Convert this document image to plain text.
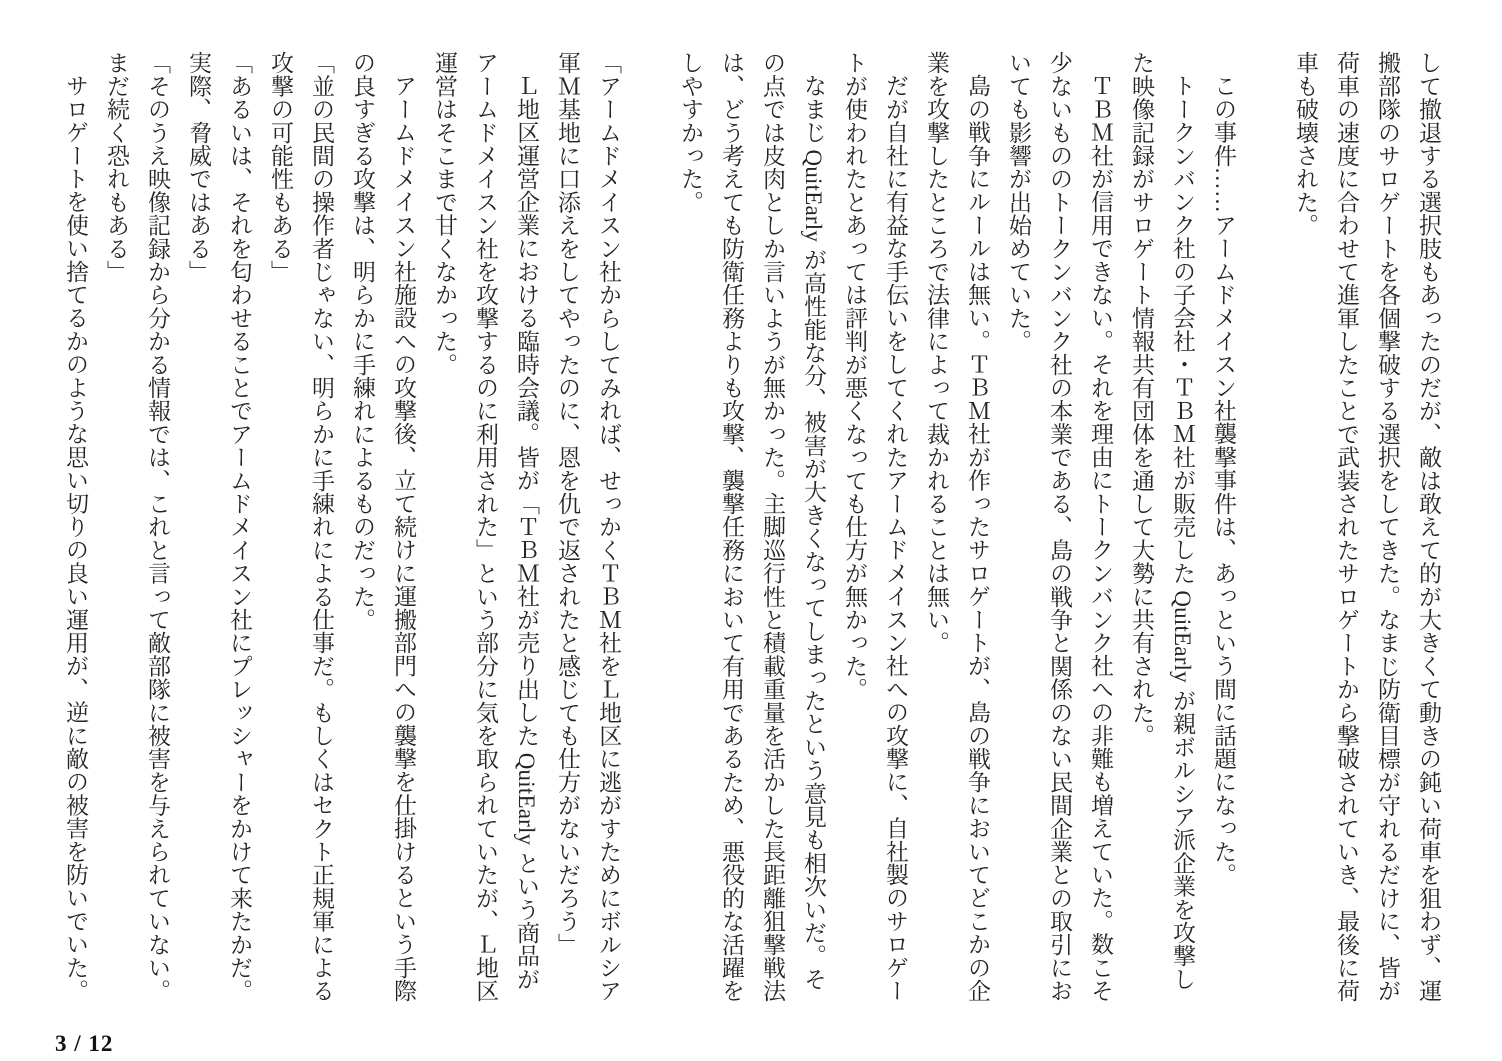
して撤退する選択肢もあったのだが、敵は敢えて的が大きくて動きの鈍い荷車を狙わず、運搬部隊のサロゲートを各個撃破する選択をしてきた。なまじ防衛目標が守れるだけに、皆が荷車の速度に合わせて進軍したことで武装されたサロゲートから撃破されていき、最後に荷車も破壊された。

この事件……アームドメイスン社襲撃事件は、あっという間に話題になった。

トークンバンク社の子会社・ＴＢＭ社が販売した QuitEarly が親ボルシア派企業を攻撃した映像記録がサロゲート情報共有団体を通して大勢に共有された。

ＴＢＭ社が信用できない。それを理由にトークンバンク社への非難も増えていた。数こそ少ないもののトークンバンク社の本業である、島の戦争と関係のない民間企業との取引においても影響が出始めていた。

島の戦争にルールは無い。ＴＢＭ社が作ったサロゲートが、島の戦争においてどこかの企業を攻撃したところで法律によって裁かれることは無い。

だが自社に有益な手伝いをしてくれたアームドメイスン社への攻撃に、自社製のサロゲートが使われたとあっては評判が悪くなっても仕方が無かった。

なまじ QuitEarly が高性能な分、被害が大きくなってしまったという意見も相次いだ。その点では皮肉としか言いようが無かった。主脚巡行性と積載重量を活かした長距離狙撃戦法は、どう考えても防衛任務よりも攻撃、襲撃任務において有用であるため、悪役的な活躍をしやすかった。

「アームドメイスン社からしてみれば、せっかくＴＢＭ社をＬ地区に逃がすためにボルシア軍Ｍ基地に口添えをしてやったのに、恩を仇で返されたと感じても仕方がないだろう」

Ｌ地区運営企業における臨時会議。皆が「ＴＢＭ社が売り出した QuitEarly という商品がアームドメイスン社を攻撃するのに利用された」という部分に気を取られていたが、Ｌ地区運営はそこまで甘くなかった。

アームドメイスン社施設への攻撃後、立て続けに運搬部門への襲撃を仕掛けるという手際の良すぎる攻撃は、明らかに手練れによるものだった。

「並の民間の操作者じゃない、明らかに手練れによる仕事だ。もしくはセクト正規軍による攻撃の可能性もある」

「あるいは、それを匂わせることでアームドメイスン社にプレッシャーをかけて来たかだ。実際、脅威ではある」

「そのうえ映像記録から分かる情報では、これと言って敵部隊に被害を与えられていない。まだ続く恐れもある」

サロゲートを使い捨てるかのような思い切りの良い運用が、逆に敵の被害を防いでいた。

3 / 12
